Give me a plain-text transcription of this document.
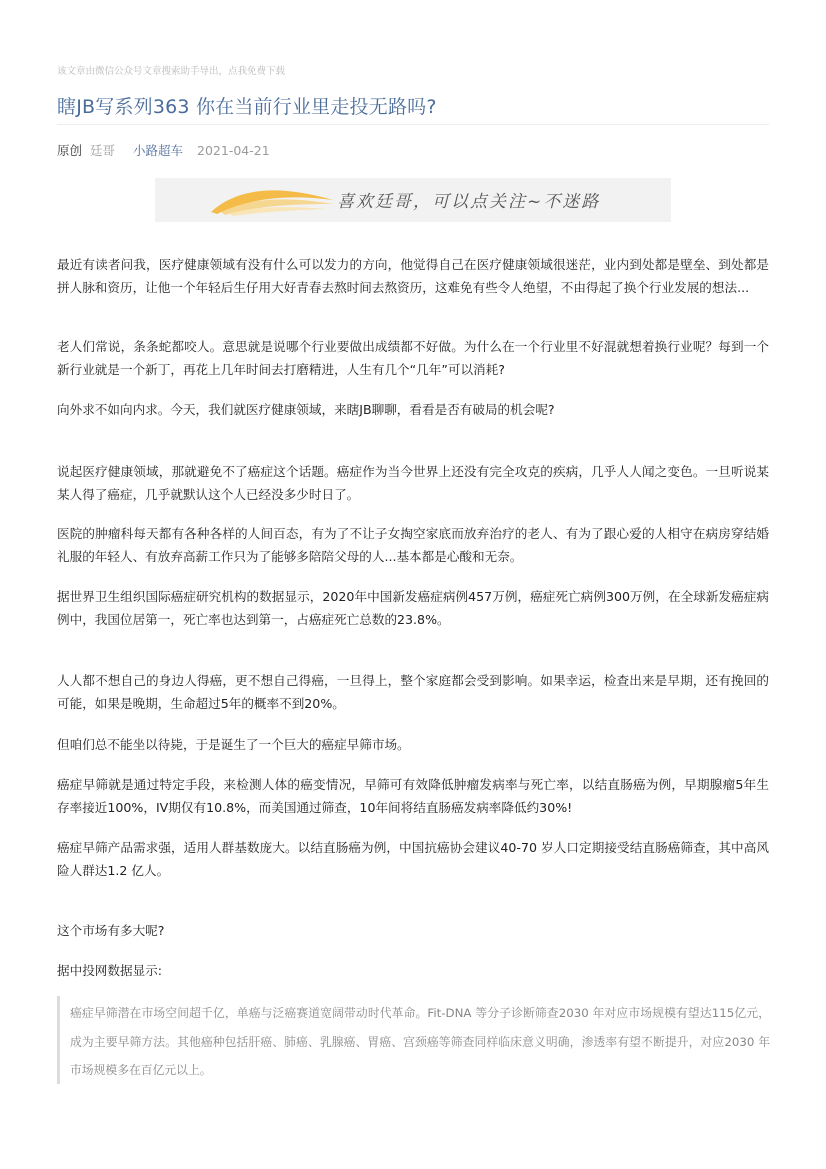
该文章由微信公众号文章搜索助手导出，点我免费下载
瞎JB写系列363 你在当前行业里走投无路吗?
原创 廷哥 小路超车 2021-04-21
喜欢廷哥，可以点关注~不迷路

最近有读者问我，医疗健康领域有没有什么可以发力的方向，他觉得自己在医疗健康领域很迷茫，业内到处都是壁垒、到处都是拼人脉和资历，让他一个年轻后生仔用大好青春去熬时间去熬资历，这难免有些令人绝望，不由得起了换个行业发展的想法...

老人们常说，条条蛇都咬人。意思就是说哪个行业要做出成绩都不好做。为什么在一个行业里不好混就想着换行业呢？每到一个新行业就是一个新丁，再花上几年时间去打磨精进，人生有几个“几年”可以消耗?

向外求不如向内求。今天，我们就医疗健康领域，来瞎JB聊聊，看看是否有破局的机会呢?

说起医疗健康领域，那就避免不了癌症这个话题。癌症作为当今世界上还没有完全攻克的疾病，几乎人人闻之变色。一旦听说某某人得了癌症，几乎就默认这个人已经没多少时日了。

医院的肿瘤科每天都有各种各样的人间百态，有为了不让子女掏空家底而放弃治疗的老人、有为了跟心爱的人相守在病房穿结婚礼服的年轻人、有放弃高薪工作只为了能够多陪陪父母的人...基本都是心酸和无奈。

据世界卫生组织国际癌症研究机构的数据显示，2020年中国新发癌症病例457万例，癌症死亡病例300万例，在全球新发癌症病例中，我国位居第一，死亡率也达到第一，占癌症死亡总数的23.8%。

人人都不想自己的身边人得癌，更不想自己得癌，一旦得上，整个家庭都会受到影响。如果幸运，检查出来是早期，还有挽回的可能，如果是晚期，生命超过5年的概率不到20%。

但咱们总不能坐以待毙，于是诞生了一个巨大的癌症早筛市场。

癌症早筛就是通过特定手段，来检测人体的癌变情况，早筛可有效降低肿瘤发病率与死亡率，以结直肠癌为例，早期腺瘤5年生存率接近100%，IV期仅有10.8%，而美国通过筛查，10年间将结直肠癌发病率降低约30%!

癌症早筛产品需求强，适用人群基数庞大。以结直肠癌为例，中国抗癌协会建议40-70 岁人口定期接受结直肠癌筛查，其中高风险人群达1.2 亿人。

这个市场有多大呢?

据中投网数据显示:

癌症早筛潜在市场空间超千亿，单癌与泛癌赛道宽阔带动时代革命。Fit-DNA 等分子诊断筛查2030 年对应市场规模有望达115亿元，成为主要早筛方法。其他癌种包括肝癌、肺癌、乳腺癌、胃癌、宫颈癌等筛查同样临床意义明确，渗透率有望不断提升，对应2030 年市场规模多在百亿元以上。
